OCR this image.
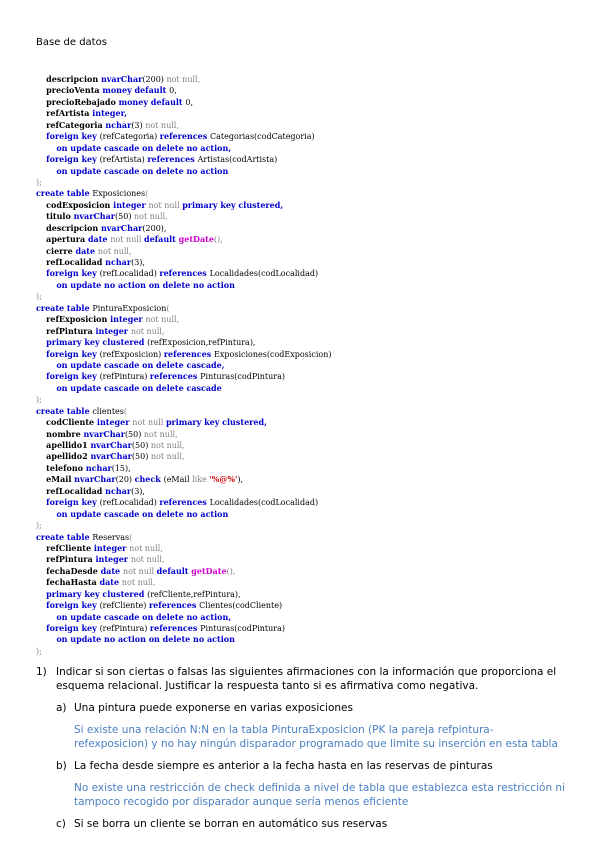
Base de datos
descripcion nvarChar(200) not null,
precioVenta money default 0,
precioRebajado money default 0,
refArtista integer,
refCategoria nchar(3) not null,
foreign key (refCategoria) references Categorias(codCategoria)
on update cascade on delete no action,
foreign key (refArtista) references Artistas(codArtista)
on update cascade on delete no action
);
create table Exposiciones(
codExposicion integer not null primary key clustered,
titulo nvarChar(50) not null,
descripcion nvarChar(200),
apertura date not null default getDate(),
cierre date not null,
refLocalidad nchar(3),
foreign key (refLocalidad) references Localidades(codLocalidad)
on update no action on delete no action
);
create table PinturaExposicion(
refExposicion integer not null,
refPintura integer not null,
primary key clustered (refExposicion,refPintura),
foreign key (refExposicion) references Exposiciones(codExposicion)
on update cascade on delete cascade,
foreign key (refPintura) references Pinturas(codPintura)
on update cascade on delete cascade
);
create table clientes(
codCliente integer not null primary key clustered,
nombre nvarChar(50) not null,
apellido1 nvarChar(50) not null,
apellido2 nvarChar(50) not null,
telefono nchar(15),
eMail nvarChar(20) check (eMail like '%@%'),
refLocalidad nchar(3),
foreign key (refLocalidad) references Localidades(codLocalidad)
on update cascade on delete no action
);
create table Reservas(
refCliente integer not null,
refPintura integer not null,
fechaDesde date not null default getDate(),
fechaHasta date not null,
primary key clustered (refCliente,refPintura),
foreign key (refCliente) references Clientes(codCliente)
on update cascade on delete no action,
foreign key (refPintura) references Pinturas(codPintura)
on update no action on delete no action
);
1) Indicar si son ciertas o falsas las siguientes afirmaciones con la información que proporciona el esquema relacional. Justificar la respuesta tanto si es afirmativa como negativa.
a) Una pintura puede exponerse en varias exposiciones
Si existe una relación N:N en la tabla PinturaExposicion (PK la pareja refpintura-refexposicion) y no hay ningún disparador programado que limite su inserción en esta tabla
b) La fecha desde siempre es anterior a la fecha hasta en las reservas de pinturas
No existe una restricción de check definida a nivel de tabla que establezca esta restricción ni tampoco recogido por disparador aunque sería menos eficiente
c) Si se borra un cliente se borran en automático sus reservas
